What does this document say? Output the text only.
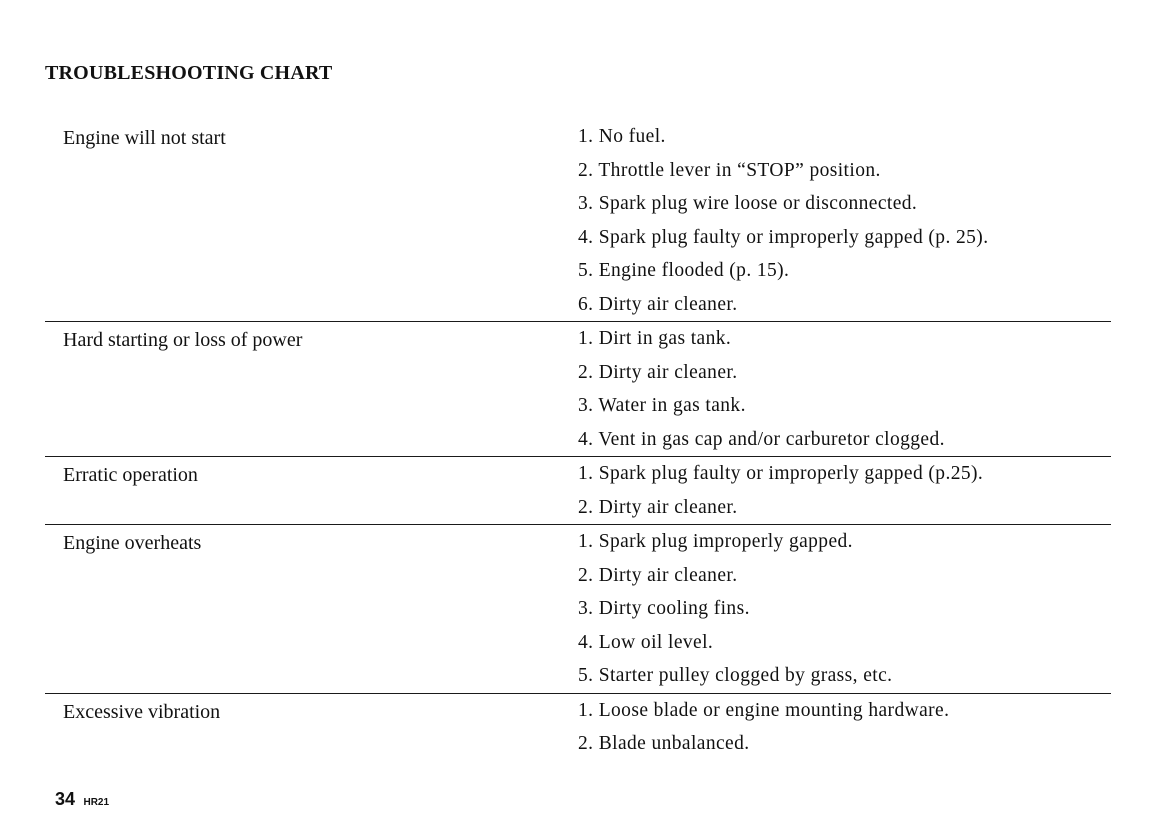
TROUBLESHOOTING CHART
Engine will not start	1 . No fuel.
2 . Throttle lever in “STOP” position.
3 . Spark plug wire loose or disconnected.
4 . Spark plug faulty or improperly gapped (p. 25).
5 . Engine flooded (p. 15).
6 . Dirty air cleaner.
Hard starting or loss of power	1 . Dirt in gas tank.
2 . Dirty air cleaner.
3 . Water in gas tank.
4 . Vent in gas cap and/or carburetor clogged.
Erratic operation	1 . Spark plug faulty or improperly gapped (p.25).
2 . Dirty air cleaner.
Engine overheats	1 . Spark plug improperly gapped.
2 . Dirty air cleaner.
3 . Dirty cooling fins.
4 . Low oil level.
5 . Starter pulley clogged by grass, etc.
Excessive vibration	1 . Loose blade or engine mounting hardware.
2 . Blade unbalanced.
34 HR21
